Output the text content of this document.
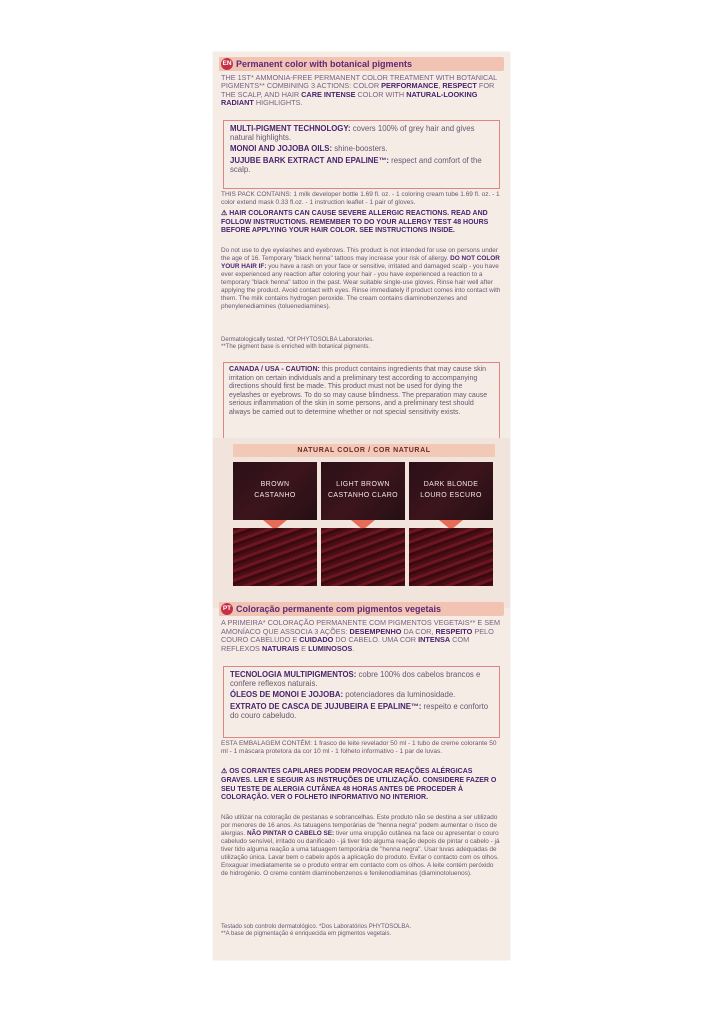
EN Permanent color with botanical pigments
THE 1ST* AMMONIA-FREE PERMANENT COLOR TREATMENT WITH BOTANICAL PIGMENTS** COMBINING 3 ACTIONS: COLOR PERFORMANCE, RESPECT FOR THE SCALP, AND HAIR CARE INTENSE COLOR WITH NATURAL-LOOKING RADIANT HIGHLIGHTS.

MULTI-PIGMENT TECHNOLOGY: covers 100% of grey hair and gives natural highlights.

MONOI AND JOJOBA OILS: shine-boosters.

JUJUBE BARK EXTRACT AND EPALINE™: respect and comfort of the scalp.

THIS PACK CONTAINS: 1 milk developer bottle 1.69 fl. oz. - 1 coloring cream tube 1.69 fl. oz. - 1 color extend mask 0.33 fl.oz. - 1 instruction leaflet - 1 pair of gloves.
⚠ HAIR COLORANTS CAN CAUSE SEVERE ALLERGIC REACTIONS. READ AND FOLLOW INSTRUCTIONS. REMEMBER TO DO YOUR ALLERGY TEST 48 HOURS BEFORE APPLYING YOUR HAIR COLOR. SEE INSTRUCTIONS INSIDE.
Do not use to dye eyelashes and eyebrows. This product is not intended for use on persons under the age of 16. Temporary "black henna" tattoos may increase your risk of allergy. DO NOT COLOR YOUR HAIR IF: you have a rash on your face or sensitive, irritated and damaged scalp - you have ever experienced any reaction after coloring your hair - you have experienced a reaction to a temporary "black henna" tattoo in the past. Wear suitable single-use gloves. Rinse hair well after applying the product. Avoid contact with eyes. Rinse immediately if product comes into contact with them. The milk contains hydrogen peroxide. The cream contains diaminobenzenes and phenylenediamines (toluenediamines).
Dermatologically tested. *Of PHYTOSOLBA Laboratories.
**The pigment base is enriched with botanical pigments.
CANADA / USA - CAUTION: this product contains ingredients that may cause skin irritation on certain individuals and a preliminary test according to accompanying directions should first be made. This product must not be used for dying the eyelashes or eyebrows. To do so may cause blindness. The preparation may cause serious inflammation of the skin in some persons, and a preliminary test should always be carried out to determine whether or not special sensitivity exists.
NATURAL COLOR / COR NATURAL
BROWN
CASTANHO
LIGHT BROWN
CASTANHO CLARO
DARK BLONDE
LOURO ESCURO
PT Coloração permanente com pigmentos vegetais
A PRIMEIRA* COLORAÇÃO PERMANENTE COM PIGMENTOS VEGETAIS** E SEM AMONÍACO QUE ASSOCIA 3 AÇÕES: DESEMPENHO DA COR, RESPEITO PELO COURO CABELUDO E CUIDADO DO CABELO. UMA COR INTENSA COM REFLEXOS NATURAIS E LUMINOSOS.

TECNOLOGIA MULTIPIGMENTOS: cobre 100% dos cabelos brancos e confere reflexos naturais.

ÓLEOS DE MONOI E JOJOBA: potenciadores da luminosidade.

EXTRATO DE CASCA DE JUJUBEIRA E EPALINE™: respeito e conforto do couro cabeludo.

ESTA EMBALAGEM CONTÉM: 1 frasco de leite revelador 50 ml - 1 tubo de creme colorante 50 ml - 1 máscara protetora da cor 10 ml - 1 folheto informativo - 1 par de luvas.
⚠ OS CORANTES CAPILARES PODEM PROVOCAR REAÇÕES ALÉRGICAS GRAVES. LER E SEGUIR AS INSTRUÇÕES DE UTILIZAÇÃO. CONSIDERE FAZER O SEU TESTE DE ALERGIA CUTÂNEA 48 HORAS ANTES DE PROCEDER À COLORAÇÃO. VER O FOLHETO INFORMATIVO NO INTERIOR.
Não utilizar na coloração de pestanas e sobrancelhas. Este produto não se destina a ser utilizado por menores de 16 anos. As tatuagens temporárias de "henna negra" podem aumentar o risco de alergias. NÃO PINTAR O CABELO SE: tiver uma erupção cutânea na face ou apresentar o couro cabeludo sensível, irritado ou danificado - já tiver tido alguma reação depois de pintar o cabelo - já tiver tido alguma reação a uma tatuagem temporária de "henna negra". Usar luvas adequadas de utilização única. Lavar bem o cabelo após a aplicação do produto. Evitar o contacto com os olhos. Enxaguar imediatamente se o produto entrar em contacto com os olhos. A leite contém peróxido de hidrogénio. O creme contém diaminobenzenos e fenilenodiaminas (diaminotoluenos).
Testado sob controlo dermatológico. *Dos Laboratórios PHYTOSOLBA.
**A base de pigmentação é enriquecida em pigmentos vegetais.
